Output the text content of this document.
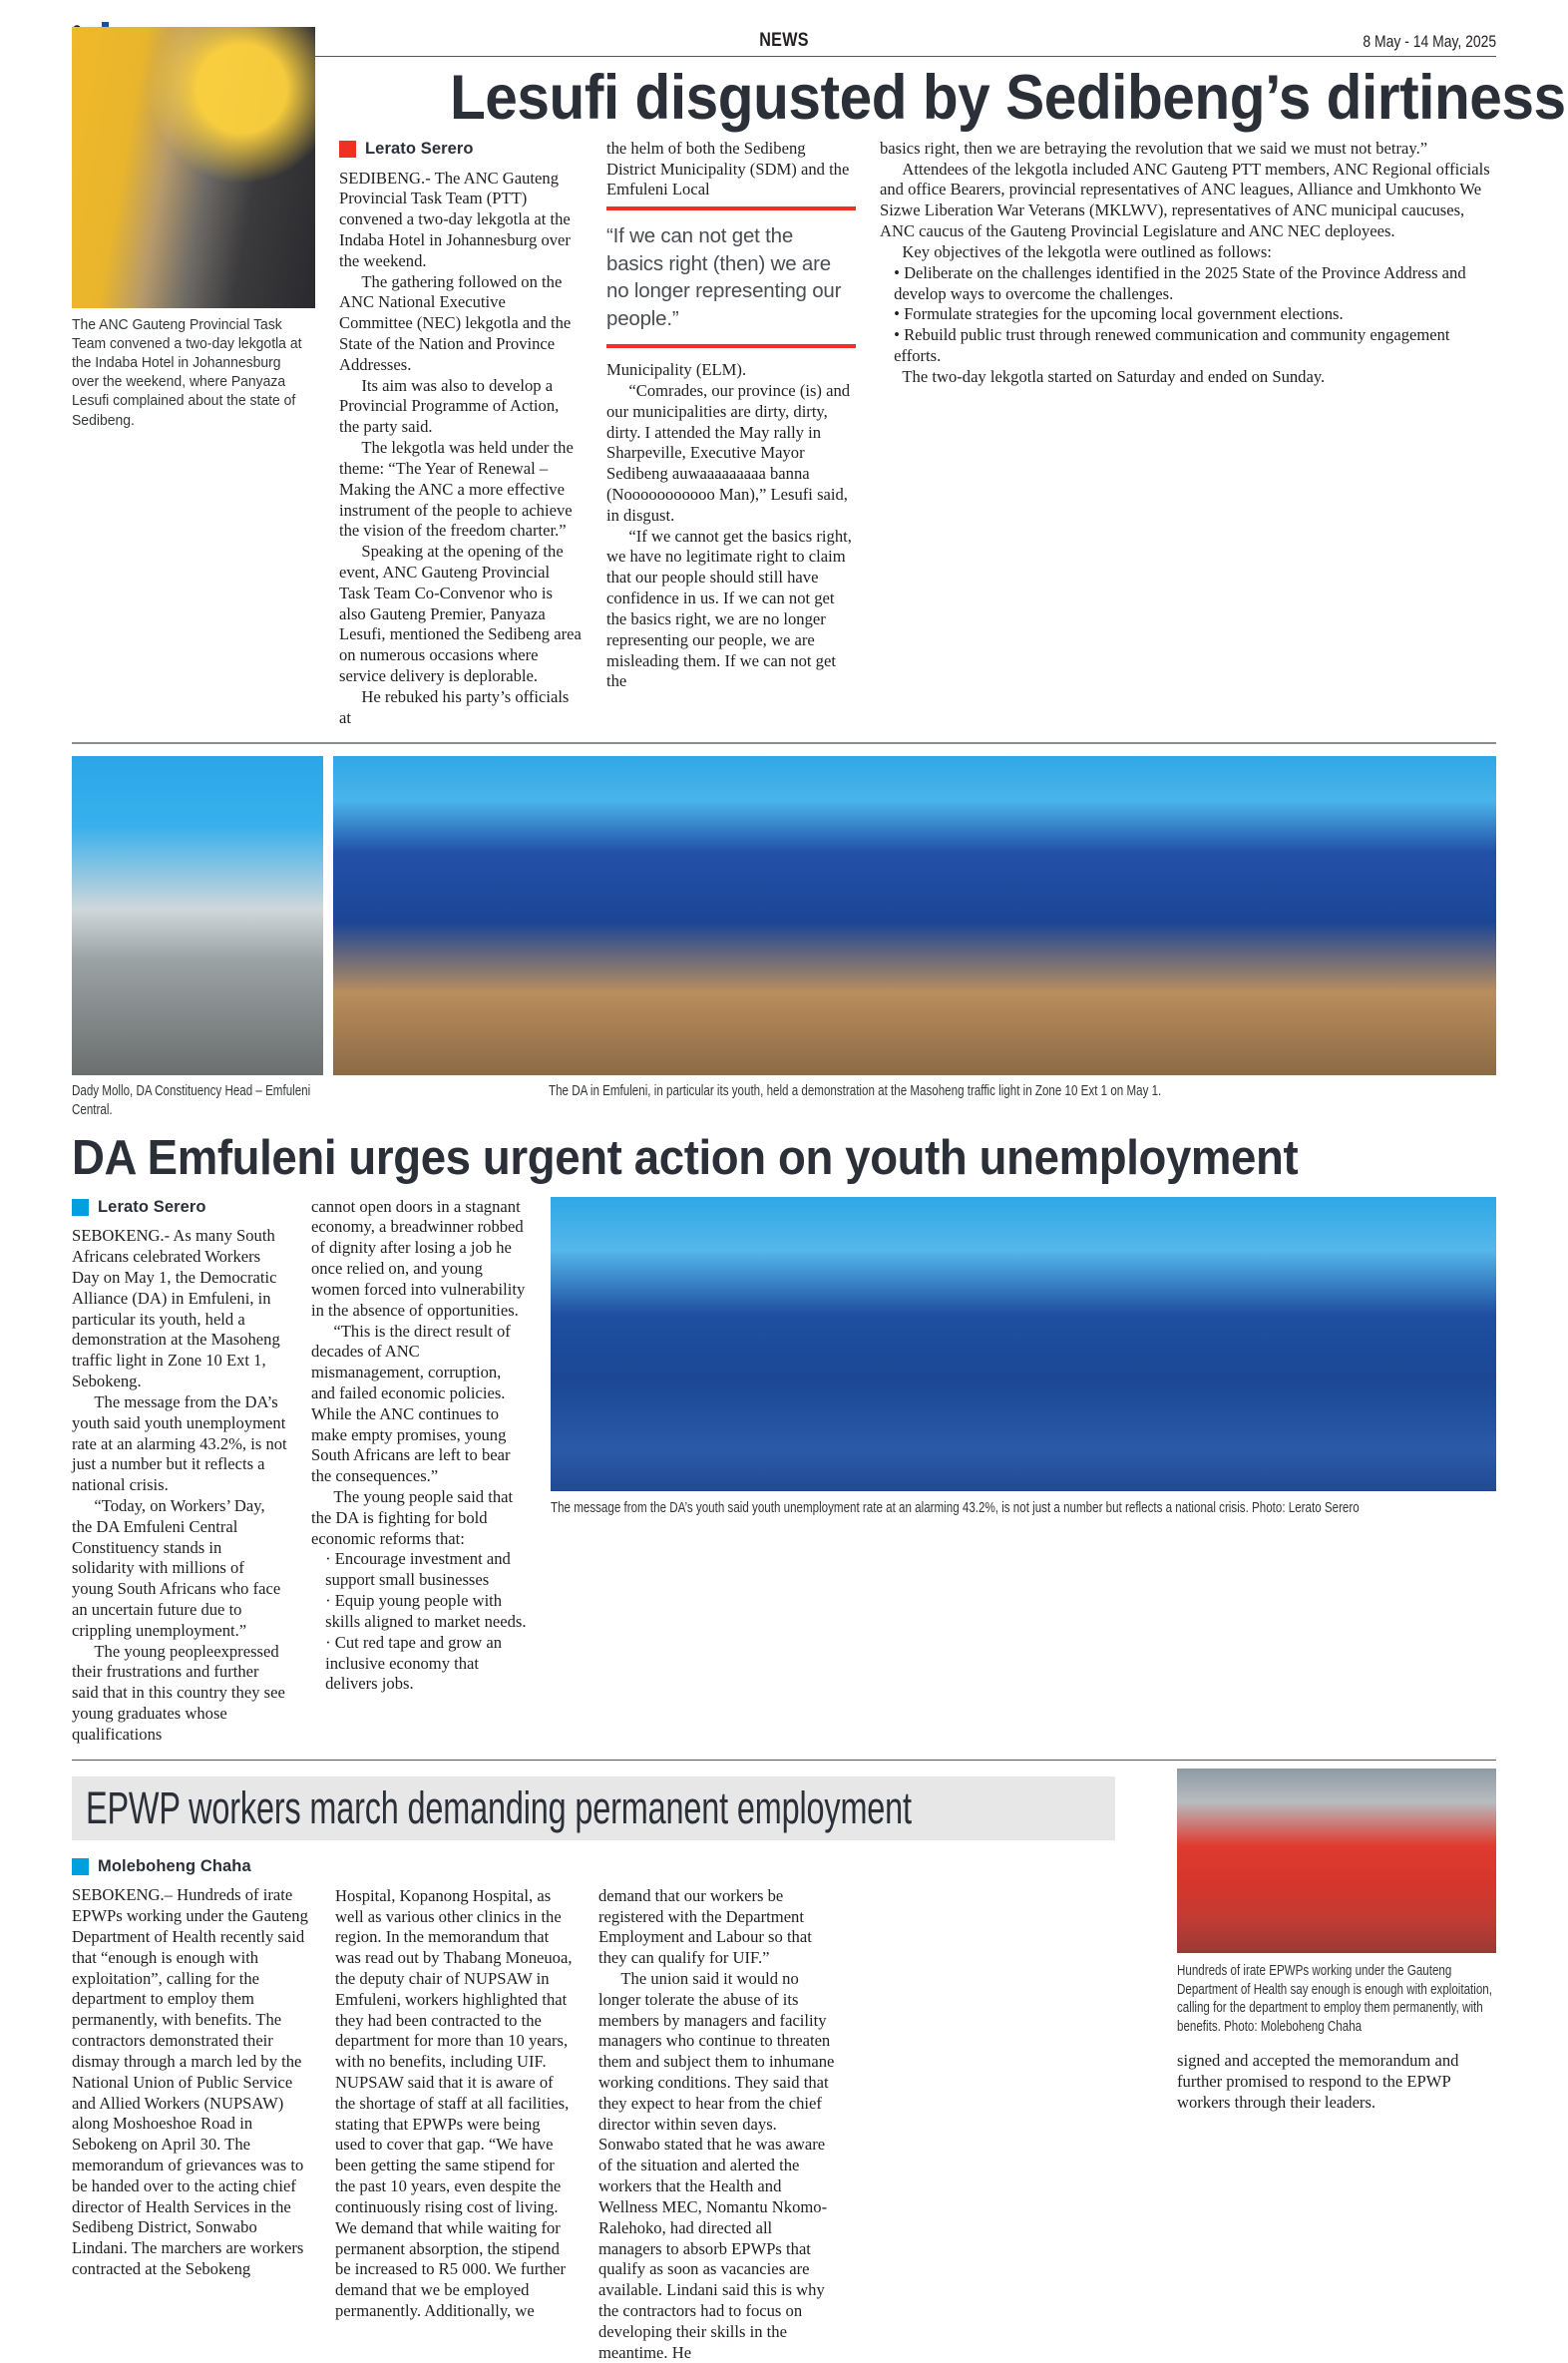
NEWS	8 May - 14 May, 2025
Lesufi disgusted by Sedibeng’s dirtiness
The ANC Gauteng Provincial Task Team convened a two-day lekgotla at the Indaba Hotel in Johannesburg over the weekend, where Panyaza Lesufi complained about the state of Sedibeng.
Lerato Serero

SEDIBENG.- The ANC Gauteng Provincial Task Team (PTT) convened a two-day lekgotla at the Indaba Hotel in Johannesburg over the weekend.

The gathering followed on the ANC National Executive Committee (NEC) lekgotla and the State of the Nation and Province Addresses.

Its aim was also to develop a Provincial Programme of Action, the party said.

The lekgotla was held under the theme: “The Year of Renewal – Making the ANC a more effective instrument of the people to achieve the vision of the freedom charter.”

Speaking at the opening of the event, ANC Gauteng Provincial Task Team Co-Convenor who is also Gauteng Premier, Panyaza Lesufi, mentioned the Sedibeng area on numerous occasions where service delivery is deplorable.

He rebuked his party’s officials at

the helm of both the Sedibeng District Municipality (SDM) and the Emfuleni Local

“If we can not get the basics right (then) we are no longer representing our people.”

Municipality (ELM).

“Comrades, our province (is) and our municipalities are dirty, dirty, dirty. I attended the May rally in Sharpeville, Executive Mayor Sedibeng auwaaaaaaaaa banna (Nooooooooooo Man),” Lesufi said, in disgust.

“If we cannot get the basics right, we have no legitimate right to claim that our people should still have confidence in us. If we can not get the basics right, we are no longer representing our people, we are misleading them. If we can not get the

basics right, then we are betraying the revolution that we said we must not betray.”

Attendees of the lekgotla included ANC Gauteng PTT members, ANC Regional officials and office Bearers, provincial representatives of ANC leagues, Alliance and Umkhonto We Sizwe Liberation War Veterans (MKLWV), representatives of ANC municipal caucuses, ANC caucus of the Gauteng Provincial Legislature and ANC NEC deployees.

Key objectives of the lekgotla were outlined as follows:

• Deliberate on the challenges identified in the 2025 State of the Province Address and develop ways to overcome the challenges.

• Formulate strategies for the upcoming local government elections.

• Rebuild public trust through renewed communication and community engagement efforts.

The two-day lekgotla started on Saturday and ended on Sunday.

Dady Mollo, DA Constituency Head – Emfuleni Central.
The DA in Emfuleni, in particular its youth, held a demonstration at the Masoheng traffic light in Zone 10 Ext 1 on May 1.
DA Emfuleni urges urgent action on youth unemployment
Lerato Serero

SEBOKENG.- As many South Africans celebrated Workers Day on May 1, the Democratic Alliance (DA) in Emfuleni, in particular its youth, held a demonstration at the Masoheng traffic light in Zone 10 Ext 1, Sebokeng.

The message from the DA’s youth said youth unemployment rate at an alarming 43.2%, is not just a number but it reflects a national crisis.

“Today, on Workers’ Day, the DA Emfuleni Central Constituency stands in solidarity with millions of young South Africans who face an uncertain future due to crippling unemployment.”

The young peopleexpressed their frustrations and further said that in this country they see young graduates whose qualifications

cannot open doors in a stagnant economy, a breadwinner robbed of dignity after losing a job he once relied on, and young women forced into vulnerability in the absence of opportunities.

“This is the direct result of decades of ANC mismanagement, corruption, and failed economic policies. While the ANC continues to make empty promises, young South Africans are left to bear the consequences.”

The young people said that the DA is fighting for bold economic reforms that:

· Encourage investment and support small businesses

· Equip young people with skills aligned to market needs.

· Cut red tape and grow an inclusive economy that delivers jobs.

The message from the DA’s youth said youth unemployment rate at an alarming 43.2%, is not just a number but reflects a national crisis. Photo: Lerato Serero
Hundreds of irate EPWPs working under the Gauteng Department of Health say enough is enough with exploitation, calling for the department to employ them permanently, with benefits. Photo: Moleboheng Chaha

signed and accepted the memorandum and further promised to respond to the EPWP workers through their leaders.

EPWP workers march demanding permanent employment
Moleboheng Chaha

SEBOKENG.– Hundreds of irate EPWPs working under the Gauteng Department of Health recently said that “enough is enough with exploitation”, calling for the department to employ them permanently, with benefits. The contractors demonstrated their dismay through a march led by the National Union of Public Service and Allied Workers (NUPSAW) along Moshoeshoe Road in Sebokeng on April 30. The memorandum of grievances was to be handed over to the acting chief director of Health Services in the Sedibeng District, Sonwabo Lindani. The marchers are workers contracted at the Sebokeng

Hospital, Kopanong Hospital, as well as various other clinics in the region. In the memorandum that was read out by Thabang Moneuoa, the deputy chair of NUPSAW in Emfuleni, workers highlighted that they had been contracted to the department for more than 10 years, with no benefits, including UIF. NUPSAW said that it is aware of the shortage of staff at all facilities, stating that EPWPs were being used to cover that gap. “We have been getting the same stipend for the past 10 years, even despite the continuously rising cost of living. We demand that while waiting for permanent absorption, the stipend be increased to R5 000. We further demand that we be employed permanently. Additionally, we

demand that our workers be registered with the Department Employment and Labour so that they can qualify for UIF.”

The union said it would no longer tolerate the abuse of its members by managers and facility managers who continue to threaten them and subject them to inhumane working conditions. They said that they expect to hear from the chief director within seven days. Sonwabo stated that he was aware of the situation and alerted the workers that the Health and Wellness MEC, Nomantu Nkomo-Ralehoko, had directed all managers to absorb EPWPs that qualify as soon as vacancies are available. Lindani said this is why the contractors had to focus on developing their skills in the meantime. He
